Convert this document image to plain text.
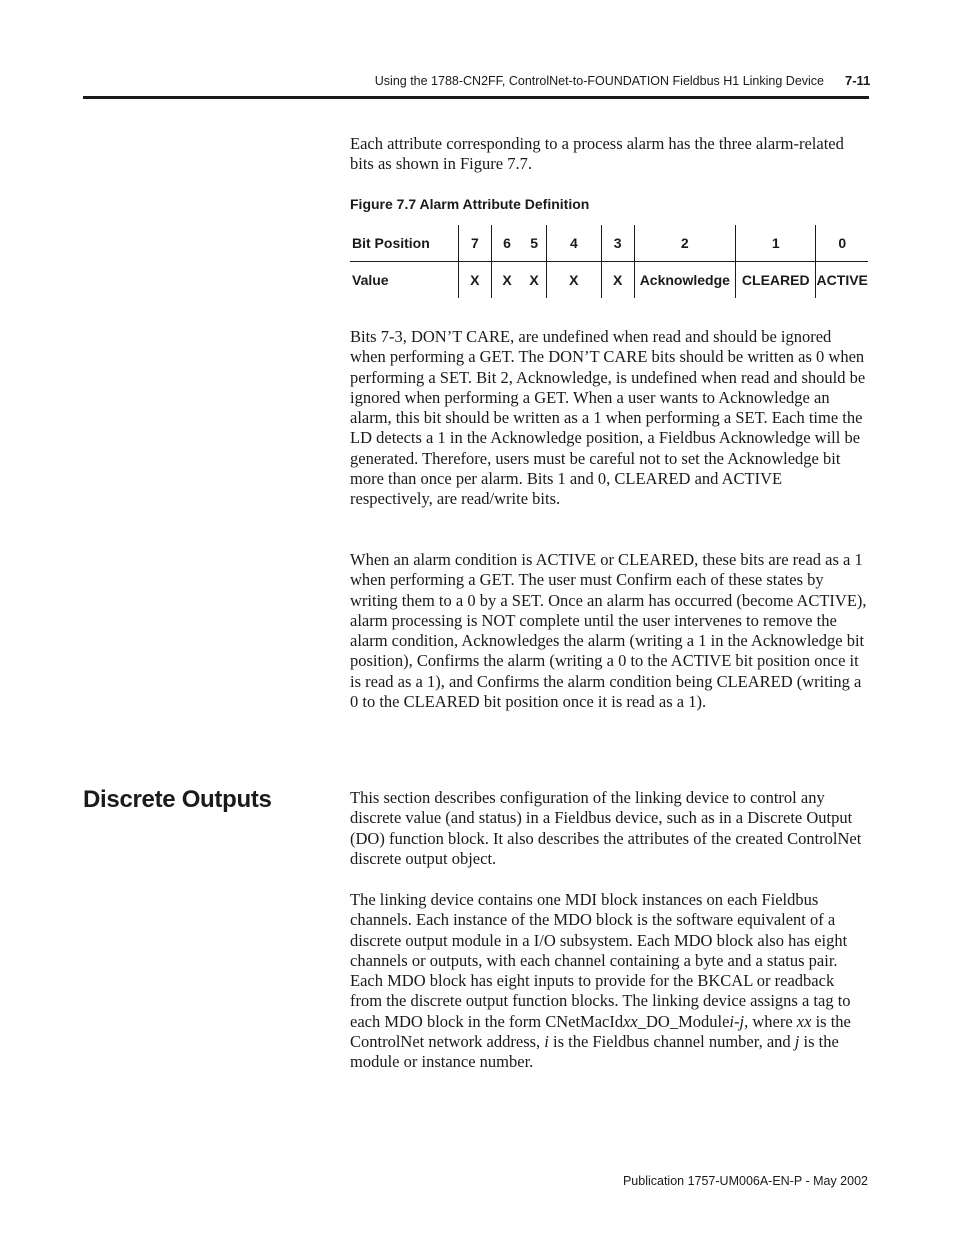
Using the 1788-CN2FF, ControlNet-to-FOUNDATION Fieldbus H1 Linking Device 7-11

Each attribute corresponding to a process alarm has the three alarm-related bits as shown in Figure 7.7.

Figure 7.7 Alarm Attribute Definition
Bit Position	7	6	5	4	3	2	1	0
Value	X	X	X	X	X	Acknowledge	CLEARED	ACTIVE

Bits 7-3, DON’T CARE, are undefined when read and should be ignored when performing a GET. The DON’T CARE bits should be written as 0 when performing a SET. Bit 2, Acknowledge, is undefined when read and should be ignored when performing a GET. When a user wants to Acknowledge an alarm, this bit should be written as a 1 when performing a SET. Each time the LD detects a 1 in the Acknowledge position, a Fieldbus Acknowledge will be generated. Therefore, users must be careful not to set the Acknowledge bit more than once per alarm. Bits 1 and 0, CLEARED and ACTIVE respectively, are read/write bits.

When an alarm condition is ACTIVE or CLEARED, these bits are read as a 1 when performing a GET. The user must Confirm each of these states by writing them to a 0 by a SET. Once an alarm has occurred (become ACTIVE), alarm processing is NOT complete until the user intervenes to remove the alarm condition, Acknowledges the alarm (writing a 1 in the Acknowledge bit position), Confirms the alarm (writing a 0 to the ACTIVE bit position once it is read as a 1), and Confirms the alarm condition being CLEARED (writing a 0 to the CLEARED bit position once it is read as a 1).

Discrete Outputs	This section describes configuration of the linking device to control any discrete value (and status) in a Fieldbus device, such as in a Discrete Output (DO) function block. It also describes the attributes of the created ControlNet discrete output object.

The linking device contains one MDI block instances on each Fieldbus channels. Each instance of the MDO block is the software equivalent of a discrete output module in a I/O subsystem. Each MDO block also has eight channels or outputs, with each channel containing a byte and a status pair. Each MDO block has eight inputs to provide for the BKCAL or readback from the discrete output function blocks. The linking device assigns a tag to each MDO block in the form CNetMacIdxx_DO_Modulei-j, where xx is the ControlNet network address, i is the Fieldbus channel number, and j is the module or instance number.

Publication 1757-UM006A-EN-P - May 2002
